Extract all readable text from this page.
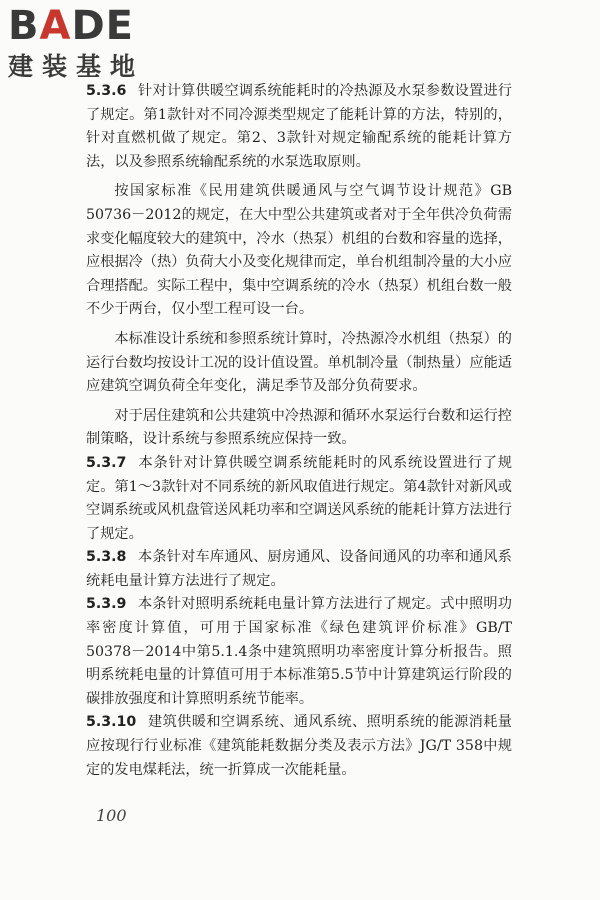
B A DE
建装基地

5.3.6 针对计算供暖空调系统能耗时的冷热源及水泵参数设置进行了规定。第1款针对不同冷源类型规定了能耗计算的方法，特别的，针对直燃机做了规定。第2、3款针对规定输配系统的能耗计算方法，以及参照系统输配系统的水泵选取原则。

按国家标准《民用建筑供暖通风与空气调节设计规范》GB 50736－2012的规定，在大中型公共建筑或者对于全年供冷负荷需求变化幅度较大的建筑中，冷水（热泵）机组的台数和容量的选择，应根据冷（热）负荷大小及变化规律而定，单台机组制冷量的大小应合理搭配。实际工程中，集中空调系统的冷水（热泵）机组台数一般不少于两台，仅小型工程可设一台。

本标准设计系统和参照系统计算时，冷热源冷水机组（热泵）的运行台数均按设计工况的设计值设置。单机制冷量（制热量）应能适应建筑空调负荷全年变化，满足季节及部分负荷要求。

对于居住建筑和公共建筑中冷热源和循环水泵运行台数和运行控制策略，设计系统与参照系统应保持一致。

5.3.7 本条针对计算供暖空调系统能耗时的风系统设置进行了规定。第1～3款针对不同系统的新风取值进行规定。第4款针对新风或空调系统或风机盘管送风耗功率和空调送风系统的能耗计算方法进行了规定。

5.3.8 本条针对车库通风、厨房通风、设备间通风的功率和通风系统耗电量计算方法进行了规定。

5.3.9 本条针对照明系统耗电量计算方法进行了规定。式中照明功率密度计算值，可用于国家标准《绿色建筑评价标准》GB/T 50378－2014中第5.1.4条中建筑照明功率密度计算分析报告。照明系统耗电量的计算值可用于本标准第5.5节中计算建筑运行阶段的碳排放强度和计算照明系统节能率。

5.3.10 建筑供暖和空调系统、通风系统、照明系统的能源消耗量应按现行行业标准《建筑能耗数据分类及表示方法》JG/T 358中规定的发电煤耗法，统一折算成一次能耗量。

100
